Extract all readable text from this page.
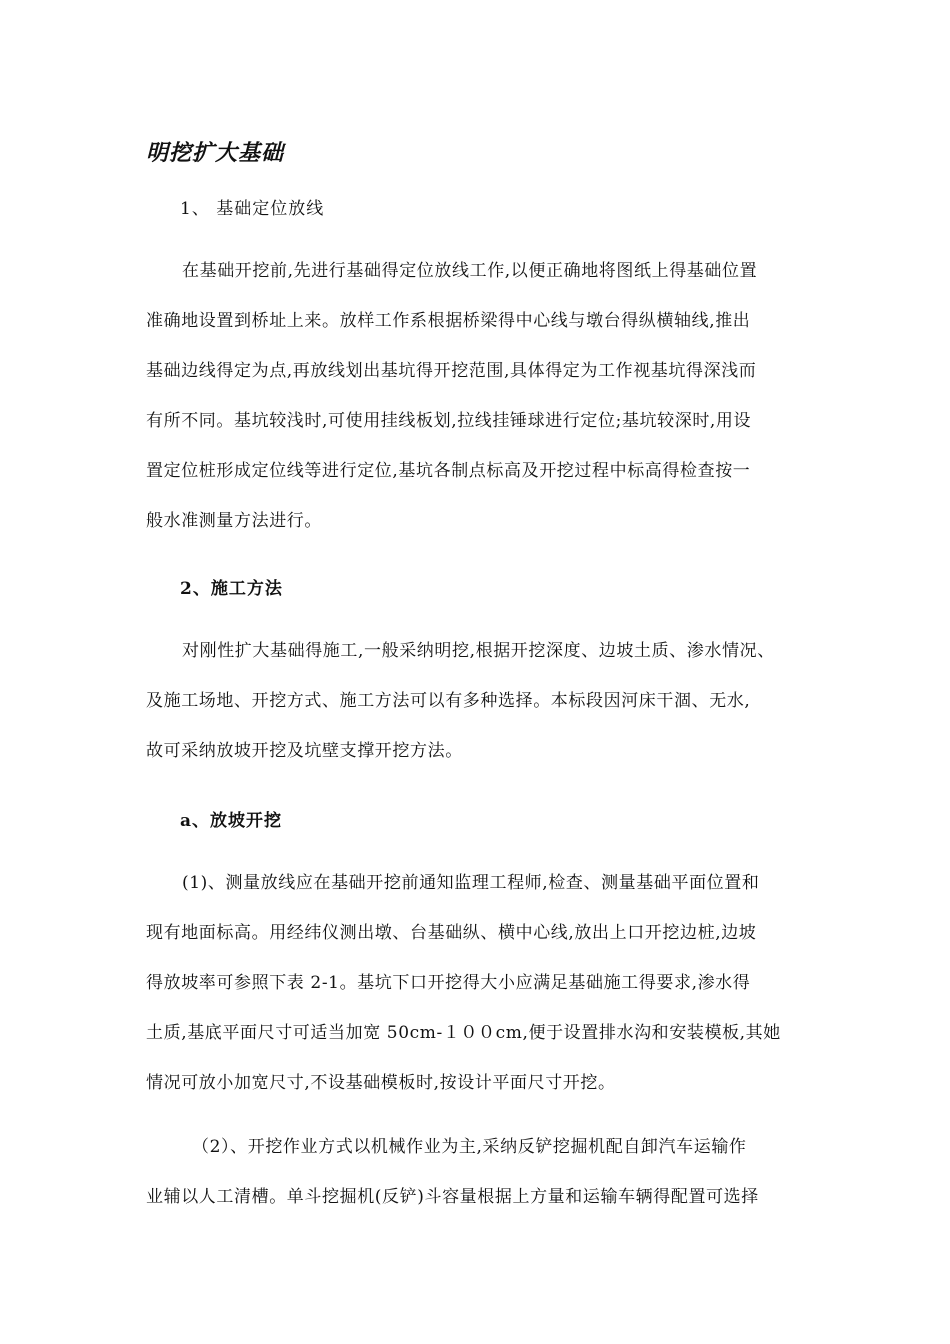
明挖扩大基础
1、 基础定位放线
在基础开挖前,先进行基础得定位放线工作,以便正确地将图纸上得基础位置
准确地设置到桥址上来。放样工作系根据桥梁得中心线与墩台得纵横轴线,推出
基础边线得定为点,再放线划出基坑得开挖范围,具体得定为工作视基坑得深浅而
有所不同。基坑较浅时,可使用挂线板划,拉线挂锤球进行定位;基坑较深时,用设
置定位桩形成定位线等进行定位,基坑各制点标高及开挖过程中标高得检查按一
般水准测量方法进行。
2、施工方法
对刚性扩大基础得施工,一般采纳明挖,根据开挖深度、边坡土质、渗水情况、
及施工场地、开挖方式、施工方法可以有多种选择。本标段因河床干涸、无水,
故可采纳放坡开挖及坑壁支撑开挖方法。
a、放坡开挖
(1)、测量放线应在基础开挖前通知监理工程师,检查、测量基础平面位置和
现有地面标高。用经纬仪测出墩、台基础纵、横中心线,放出上口开挖边桩,边坡
得放坡率可参照下表 2-1。基坑下口开挖得大小应满足基础施工得要求,渗水得
土质,基底平面尺寸可适当加宽 50cm-１００cm,便于设置排水沟和安装模板,其她
情况可放小加宽尺寸,不设基础模板时,按设计平面尺寸开挖。
（2）、开挖作业方式以机械作业为主,采纳反铲挖掘机配自卸汽车运输作
业辅以人工清槽。单斗挖掘机(反铲)斗容量根据上方量和运输车辆得配置可选择
